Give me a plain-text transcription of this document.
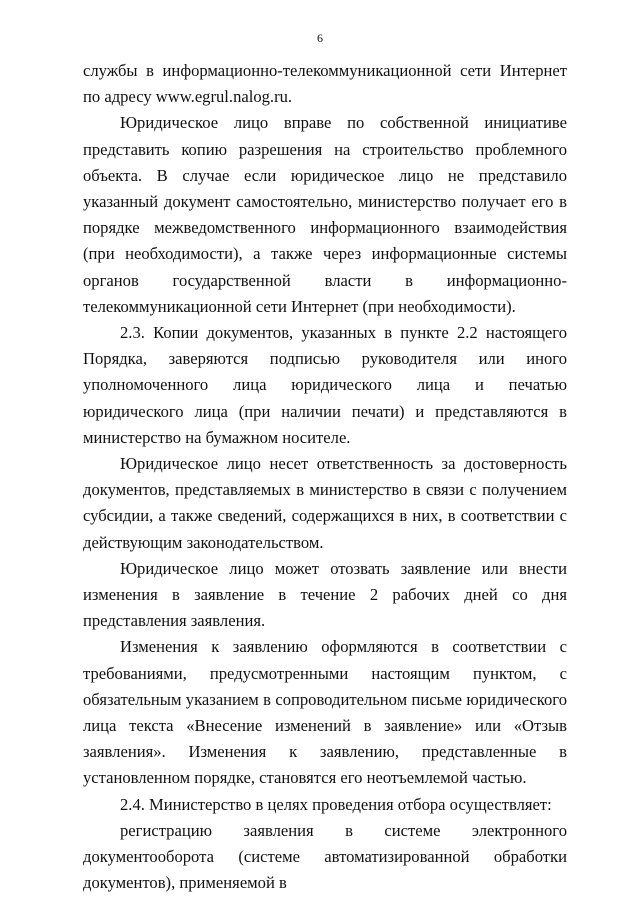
6

службы в информационно-телекоммуникационной сети Интернет по адресу www.egrul.nalog.ru.

Юридическое лицо вправе по собственной инициативе представить копию разрешения на строительство проблемного объекта. В случае если юридическое лицо не представило указанный документ самостоятельно, министерство получает его в порядке межведомственного информационного взаимодействия (при необходимости), а также через информационные системы органов государственной власти в информационно-телекоммуникационной сети Интернет (при необходимости).

2.3. Копии документов, указанных в пункте 2.2 настоящего Порядка, заверяются подписью руководителя или иного уполномоченного лица юридического лица и печатью юридического лица (при наличии печати) и представляются в министерство на бумажном носителе.

Юридическое лицо несет ответственность за достоверность документов, представляемых в министерство в связи с получением субсидии, а также сведений, содержащихся в них, в соответствии с действующим законодательством.

Юридическое лицо может отозвать заявление или внести изменения в заявление в течение 2 рабочих дней со дня представления заявления.

Изменения к заявлению оформляются в соответствии с требованиями, предусмотренными настоящим пунктом, с обязательным указанием в сопроводительном письме юридического лица текста «Внесение изменений в заявление» или «Отзыв заявления». Изменения к заявлению, представленные в установленном порядке, становятся его неотъемлемой частью.

2.4. Министерство в целях проведения отбора осуществляет:

регистрацию заявления в системе электронного документооборота (системе автоматизированной обработки документов), применяемой в
